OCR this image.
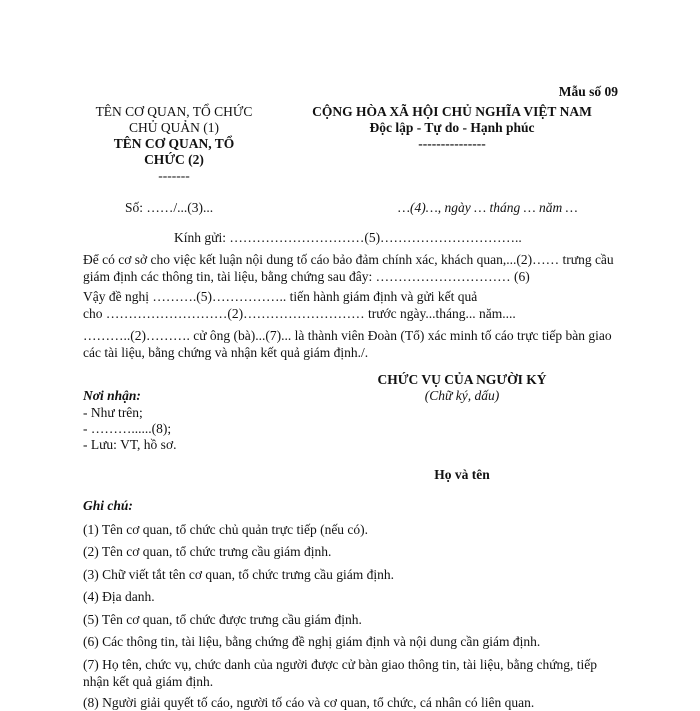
Mẫu số 09
TÊN CƠ QUAN, TỔ CHỨC CHỦ QUẢN (1)
TÊN CƠ QUAN, TỔ
CHỨC (2)
-------
CỘNG HÒA XÃ HỘI CHỦ NGHĨA VIỆT NAM
Độc lập - Tự do - Hạnh phúc
---------------
Số: ……/...(3)...	…(4)…, ngày … tháng … năm …
Kính gửi: …………………………(5)…………………………..
Để có cơ sở cho việc kết luận nội dung tố cáo bảo đảm chính xác, khách quan,...(2)…… trưng cầu giám định các thông tin, tài liệu, bằng chứng sau đây: ………………………… (6)
Vậy đề nghị ……….(5)…………….. tiến hành giám định và gửi kết quả
cho ………………………(2)……………………… trước ngày...tháng... năm....
………..(2)………. cử ông (bà)...(7)... là thành viên Đoàn (Tổ) xác minh tố cáo trực tiếp bàn giao các tài liệu, bằng chứng và nhận kết quả giám định./.
Nơi nhận:
- Như trên;
- ………......(8);
- Lưu: VT, hồ sơ.
CHỨC VỤ CỦA NGƯỜI KÝ
(Chữ ký, dấu)
Họ và tên
Ghi chú:
(1) Tên cơ quan, tổ chức chủ quản trực tiếp (nếu có).
(2) Tên cơ quan, tổ chức trưng cầu giám định.
(3) Chữ viết tắt tên cơ quan, tổ chức trưng cầu giám định.
(4) Địa danh.
(5) Tên cơ quan, tổ chức được trưng cầu giám định.
(6) Các thông tin, tài liệu, bằng chứng đề nghị giám định và nội dung cần giám định.
(7) Họ tên, chức vụ, chức danh của người được cử bàn giao thông tin, tài liệu, bằng chứng, tiếp nhận kết quả giám định.
(8) Người giải quyết tố cáo, người tố cáo và cơ quan, tổ chức, cá nhân có liên quan.
